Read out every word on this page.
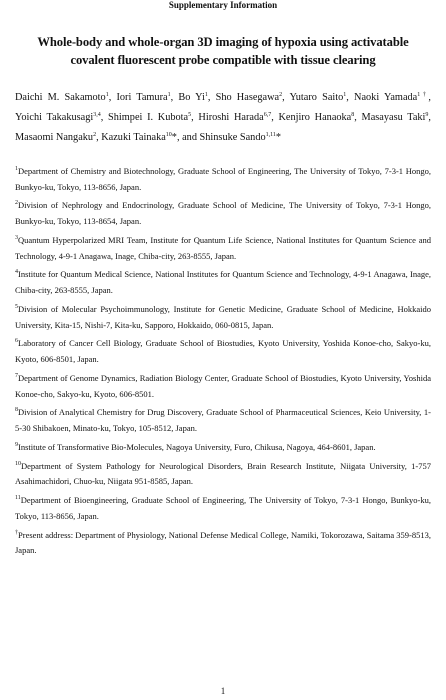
Supplementary Information
Whole-body and whole-organ 3D imaging of hypoxia using activatable
covalent fluorescent probe compatible with tissue clearing
Daichi M. Sakamoto$^1$, Iori Tamura$^1$, Bo Yi$^1$, Sho Hasegawa$^2$, Yutaro Saito$^1$, Naoki Yamada$^{1\dagger}$, Yoichi Takakusagi$^{3,4}$, Shimpei I. Kubota$^5$, Hiroshi Harada$^{6,7}$, Kenjiro Hanaoka$^8$, Masayasu Taki$^9$, Masaomi Nangaku$^2$, Kazuki Tainaka$^{10}$*, and Shinsuke Sando$^{1,11}$*

$^1$Department of Chemistry and Biotechnology, Graduate School of Engineering, The University of Tokyo, 7-3-1 Hongo, Bunkyo-ku, Tokyo, 113-8656, Japan.

$^2$Division of Nephrology and Endocrinology, Graduate School of Medicine, The University of Tokyo, 7-3-1 Hongo, Bunkyo-ku, Tokyo, 113-8654, Japan.

$^3$Quantum Hyperpolarized MRI Team, Institute for Quantum Life Science, National Institutes for Quantum Science and Technology, 4-9-1 Anagawa, Inage, Chiba-city, 263-8555, Japan.

$^4$Institute for Quantum Medical Science, National Institutes for Quantum Science and Technology, 4-9-1 Anagawa, Inage, Chiba-city, 263-8555, Japan.

$^5$Division of Molecular Psychoimmunology, Institute for Genetic Medicine, Graduate School of Medicine, Hokkaido University, Kita-15, Nishi-7, Kita-ku, Sapporo, Hokkaido, 060-0815, Japan.

$^6$Laboratory of Cancer Cell Biology, Graduate School of Biostudies, Kyoto University, Yoshida Konoe-cho, Sakyo-ku, Kyoto, 606-8501, Japan.

$^7$Department of Genome Dynamics, Radiation Biology Center, Graduate School of Biostudies, Kyoto University, Yoshida Konoe-cho, Sakyo-ku, Kyoto, 606-8501.

$^8$Division of Analytical Chemistry for Drug Discovery, Graduate School of Pharmaceutical Sciences, Keio University, 1-5-30 Shibakoen, Minato-ku, Tokyo, 105-8512, Japan.

$^9$Institute of Transformative Bio-Molecules, Nagoya University, Furo, Chikusa, Nagoya, 464-8601, Japan.

$^{10}$Department of System Pathology for Neurological Disorders, Brain Research Institute, Niigata University, 1-757 Asahimachidori, Chuo-ku, Niigata 951-8585, Japan.

$^{11}$Department of Bioengineering, Graduate School of Engineering, The University of Tokyo, 7-3-1 Hongo, Bunkyo-ku, Tokyo, 113-8656, Japan.

†Present address: Department of Physiology, National Defense Medical College, Namiki, Tokorozawa, Saitama 359-8513, Japan.

1
